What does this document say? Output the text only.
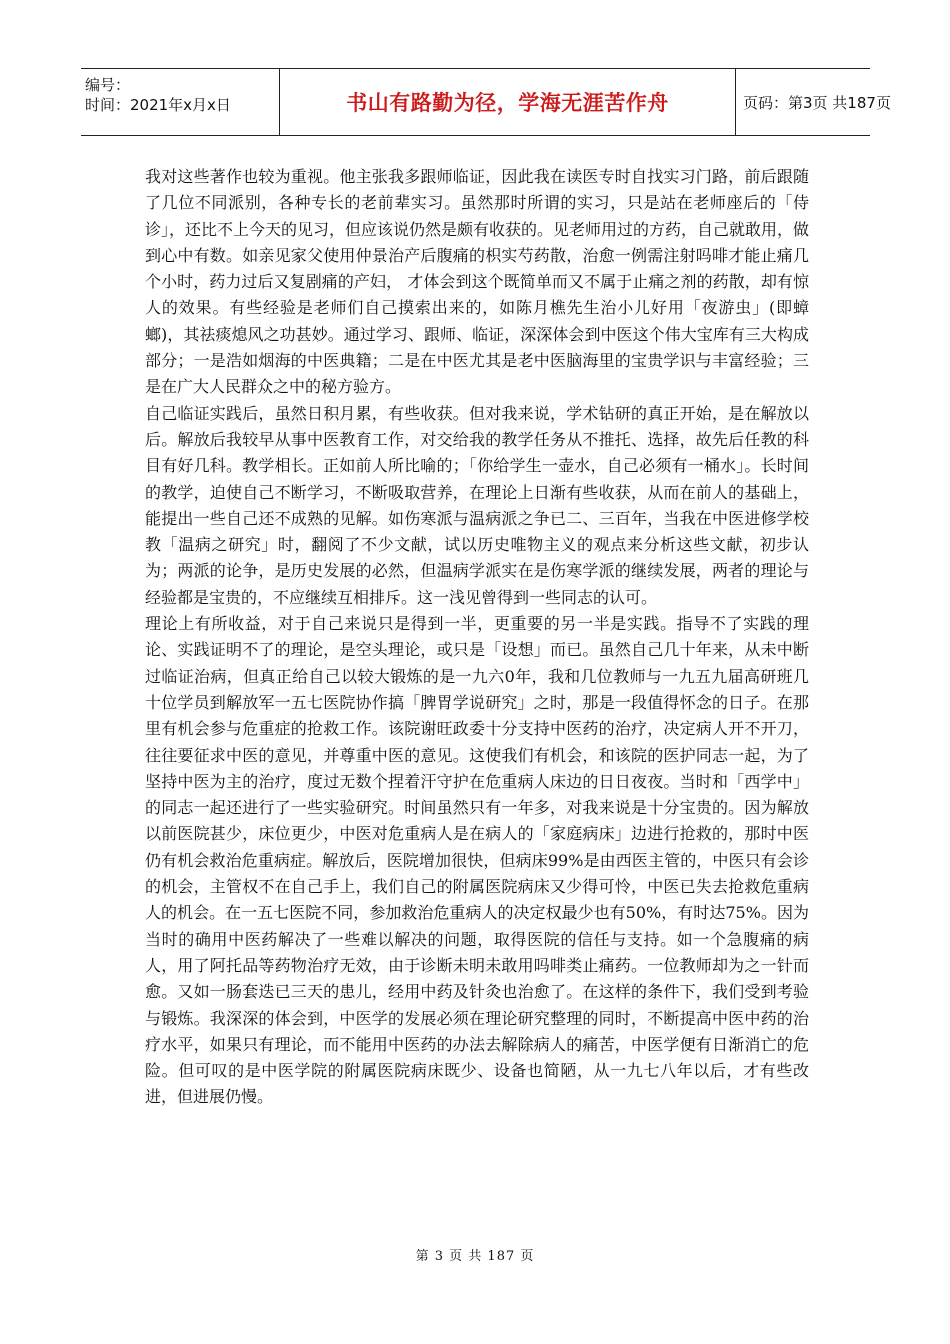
编号：
时间：2021年x月x日	书山有路勤为径，学海无涯苦作舟	页码：第3页 共187页

我对这些著作也较为重视。他主张我多跟师临证，因此我在读医专时自找实习门路，前后跟随了几位不同派别，各种专长的老前辈实习。虽然那时所谓的实习，只是站在老师座后的「侍诊」，还比不上今天的见习，但应该说仍然是颇有收获的。见老师用过的方药，自己就敢用，做到心中有数。如亲见家父使用仲景治产后腹痛的枳实芍药散，治愈一例需注射吗啡才能止痛几个小时，药力过后又复剧痛的产妇， 才体会到这个既简单而又不属于止痛之剂的药散，却有惊人的效果。有些经验是老师们自己摸索出来的，如陈月樵先生治小儿好用「夜游虫」(即蟑螂)，其祛痰熄风之功甚妙。通过学习、跟师、临证，深深体会到中医这个伟大宝库有三大构成部分；一是浩如烟海的中医典籍；二是在中医尤其是老中医脑海里的宝贵学识与丰富经验；三是在广大人民群众之中的秘方验方。

自己临证实践后，虽然日积月累，有些收获。但对我来说，学术钻研的真正开始，是在解放以后。解放后我较早从事中医教育工作，对交给我的教学任务从不推托、选择，故先后任教的科目有好几科。教学相长。正如前人所比喻的；「你给学生一壶水，自己必须有一桶水」。长时间的教学，迫使自己不断学习，不断吸取营养，在理论上日渐有些收获，从而在前人的基础上，能提出一些自己还不成熟的见解。如伤寒派与温病派之争已二、三百年，当我在中医进修学校教「温病之研究」时，翻阅了不少文献，试以历史唯物主义的观点来分析这些文献，初步认为；两派的论争，是历史发展的必然，但温病学派实在是伤寒学派的继续发展，两者的理论与经验都是宝贵的，不应继续互相排斥。这一浅见曾得到一些同志的认可。

理论上有所收益，对于自己来说只是得到一半，更重要的另一半是实践。指导不了实践的理论、实践证明不了的理论，是空头理论，或只是「设想」而已。虽然自己几十年来，从未中断过临证治病，但真正给自己以较大锻炼的是一九六0年，我和几位教师与一九五九届高研班几十位学员到解放军一五七医院协作搞「脾胃学说研究」之时，那是一段值得怀念的日子。在那里有机会参与危重症的抢救工作。该院谢旺政委十分支持中医药的治疗，决定病人开不开刀，往往要征求中医的意见，并尊重中医的意见。这使我们有机会，和该院的医护同志一起，为了坚持中医为主的治疗，度过无数个捏着汗守护在危重病人床边的日日夜夜。当时和「西学中」的同志一起还进行了一些实验研究。时间虽然只有一年多，对我来说是十分宝贵的。因为解放以前医院甚少，床位更少，中医对危重病人是在病人的「家庭病床」边进行抢救的，那时中医仍有机会救治危重病症。解放后，医院增加很快，但病床99%是由西医主管的，中医只有会诊的机会，主管权不在自己手上，我们自己的附属医院病床又少得可怜，中医已失去抢救危重病人的机会。在一五七医院不同，参加救治危重病人的决定权最少也有50%，有时达75%。因为当时的确用中医药解决了一些难以解决的问题，取得医院的信任与支持。如一个急腹痛的病人，用了阿托品等药物治疗无效，由于诊断未明未敢用吗啡类止痛药。一位教师却为之一针而愈。又如一肠套迭已三天的患儿，经用中药及针灸也治愈了。在这样的条件下，我们受到考验与锻炼。我深深的体会到，中医学的发展必须在理论研究整理的同时，不断提高中医中药的治疗水平，如果只有理论，而不能用中医药的办法去解除病人的痛苦，中医学便有日渐消亡的危险。但可叹的是中医学院的附属医院病床既少、设备也简陋，从一九七八年以后，才有些改进，但进展仍慢。

第 3 页 共 187 页
